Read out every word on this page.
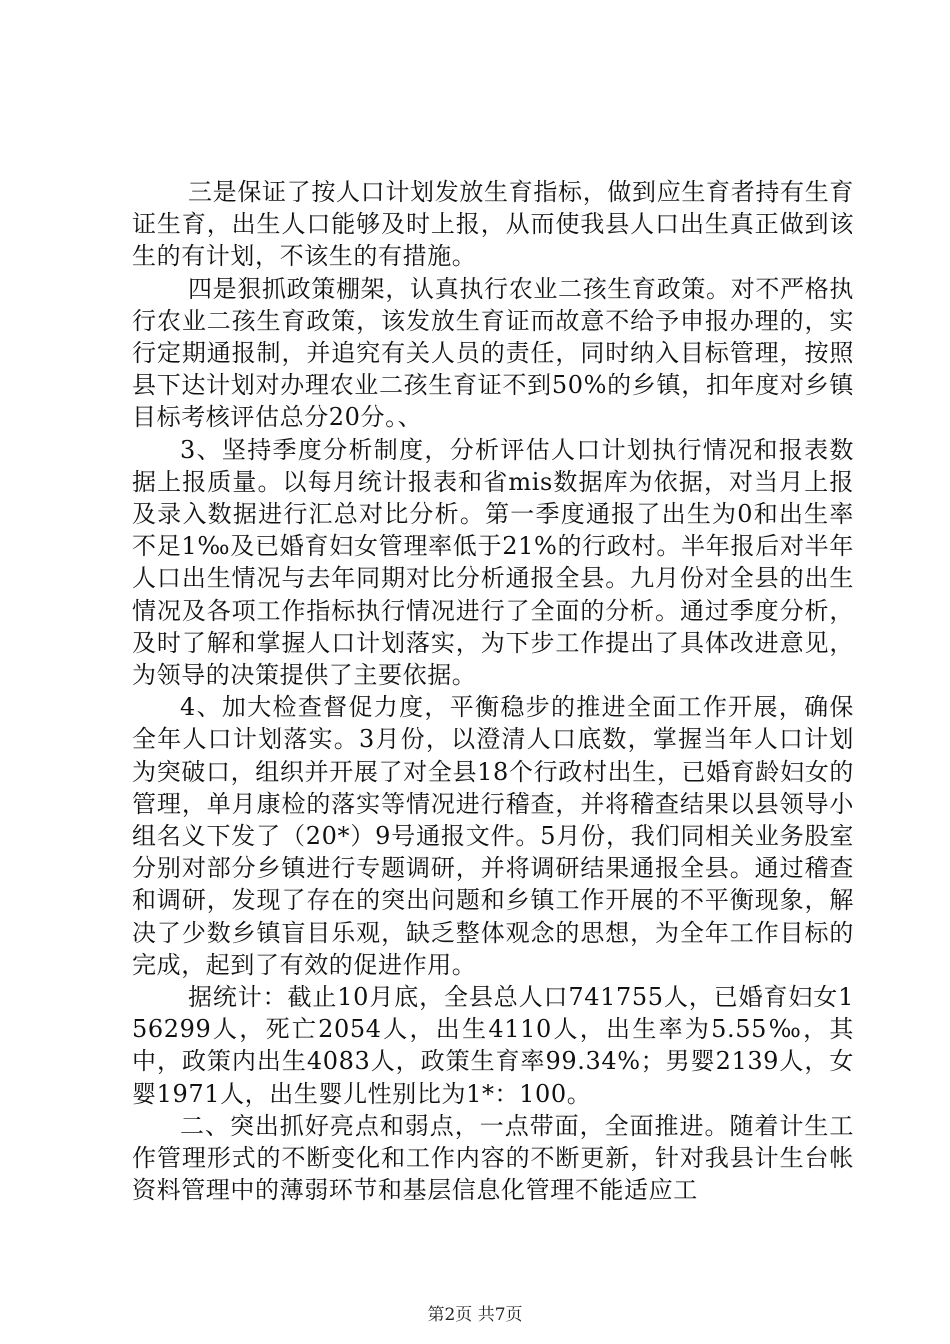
三是保证了按人口计划发放生育指标，做到应生育者持有生育证生育，出生人口能够及时上报，从而使我县人口出生真正做到该生的有计划，不该生的有措施。

四是狠抓政策棚架，认真执行农业二孩生育政策。对不严格执行农业二孩生育政策，该发放生育证而故意不给予申报办理的，实行定期通报制，并追究有关人员的责任，同时纳入目标管理，按照县下达计划对办理农业二孩生育证不到50%的乡镇，扣年度对乡镇目标考核评估总分20分。、

3、坚持季度分析制度，分析评估人口计划执行情况和报表数据上报质量。以每月统计报表和省mis数据库为依据，对当月上报及录入数据进行汇总对比分析。第一季度通报了出生为0和出生率不足1‰及已婚育妇女管理率低于21%的行政村。半年报后对半年人口出生情况与去年同期对比分析通报全县。九月份对全县的出生情况及各项工作指标执行情况进行了全面的分析。通过季度分析，及时了解和掌握人口计划落实，为下步工作提出了具体改进意见，为领导的决策提供了主要依据。

4、加大检查督促力度，平衡稳步的推进全面工作开展，确保全年人口计划落实。3月份，以澄清人口底数，掌握当年人口计划为突破口，组织并开展了对全县18个行政村出生，已婚育龄妇女的管理，单月康检的落实等情况进行稽查，并将稽查结果以县领导小组名义下发了（20*）9号通报文件。5月份，我们同相关业务股室分别对部分乡镇进行专题调研，并将调研结果通报全县。通过稽查和调研，发现了存在的突出问题和乡镇工作开展的不平衡现象，解决了少数乡镇盲目乐观，缺乏整体观念的思想，为全年工作目标的完成，起到了有效的促进作用。

据统计：截止10月底，全县总人口741755人，已婚育妇女156299人，死亡2054人，出生4110人，出生率为5.55‰，其中，政策内出生4083人，政策生育率99.34%；男婴2139人，女婴1971人，出生婴儿性别比为1*：100。

二、突出抓好亮点和弱点，一点带面，全面推进。随着计生工作管理形式的不断变化和工作内容的不断更新，针对我县计生台帐资料管理中的薄弱环节和基层信息化管理不能适应工

第2页 共7页
